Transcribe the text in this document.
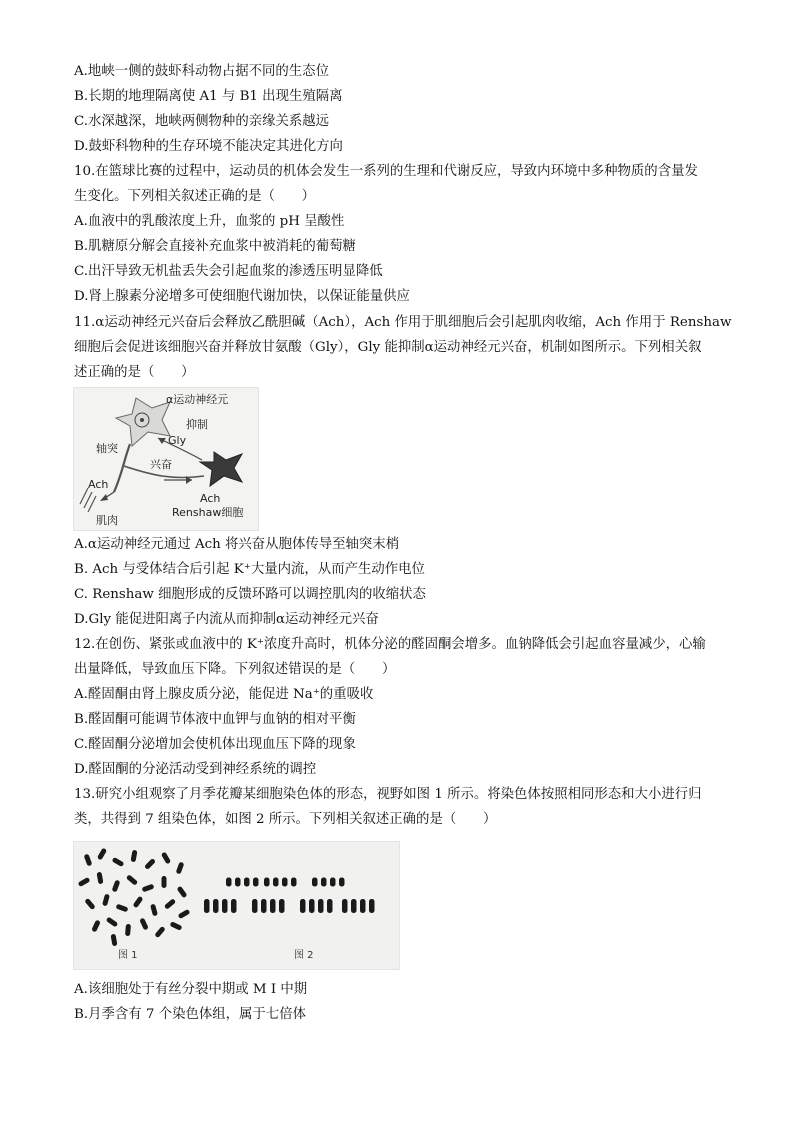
A.地峡一侧的鼓虾科动物占据不同的生态位
B.长期的地理隔离使 A1 与 B1 出现生殖隔离
C.水深越深，地峡两侧物种的亲缘关系越远
D.鼓虾科物种的生存环境不能决定其进化方向
10.在篮球比赛的过程中，运动员的机体会发生一系列的生理和代谢反应，导致内环境中多种物质的含量发
生变化。下列相关叙述正确的是（　　）
A.血液中的乳酸浓度上升，血浆的 pH 呈酸性
B.肌糖原分解会直接补充血浆中被消耗的葡萄糖
C.出汗导致无机盐丢失会引起血浆的渗透压明显降低
D.肾上腺素分泌增多可使细胞代谢加快，以保证能量供应
11.α运动神经元兴奋后会释放乙酰胆碱（Ach），Ach 作用于肌细胞后会引起肌肉收缩，Ach 作用于 Renshaw
细胞后会促进该细胞兴奋并释放甘氨酸（Gly），Gly 能抑制α运动神经元兴奋，机制如图所示。下列相关叙
述正确的是（　　）
α运动神经元
抑制
Gly
轴突
兴奋
Ach
Ach
Renshaw细胞
肌肉
A.α运动神经元通过 Ach 将兴奋从胞体传导至轴突末梢
B. Ach 与受体结合后引起 K⁺大量内流，从而产生动作电位
C. Renshaw 细胞形成的反馈环路可以调控肌肉的收缩状态
D.Gly 能促进阳离子内流从而抑制α运动神经元兴奋
12.在创伤、紧张或血液中的 K⁺浓度升高时，机体分泌的醛固酮会增多。血钠降低会引起血容量减少，心输
出量降低，导致血压下降。下列叙述错误的是（　　）
A.醛固酮由肾上腺皮质分泌，能促进 Na⁺的重吸收
B.醛固酮可能调节体液中血钾与血钠的相对平衡
C.醛固酮分泌增加会使机体出现血压下降的现象
D.醛固酮的分泌活动受到神经系统的调控
13.研究小组观察了月季花瓣某细胞染色体的形态，视野如图 1 所示。将染色体按照相同形态和大小进行归
类，共得到 7 组染色体，如图 2 所示。下列相关叙述正确的是（　　）
图 1	图 2
A.该细胞处于有丝分裂中期或 M Ⅰ 中期
B.月季含有 7 个染色体组，属于七倍体
